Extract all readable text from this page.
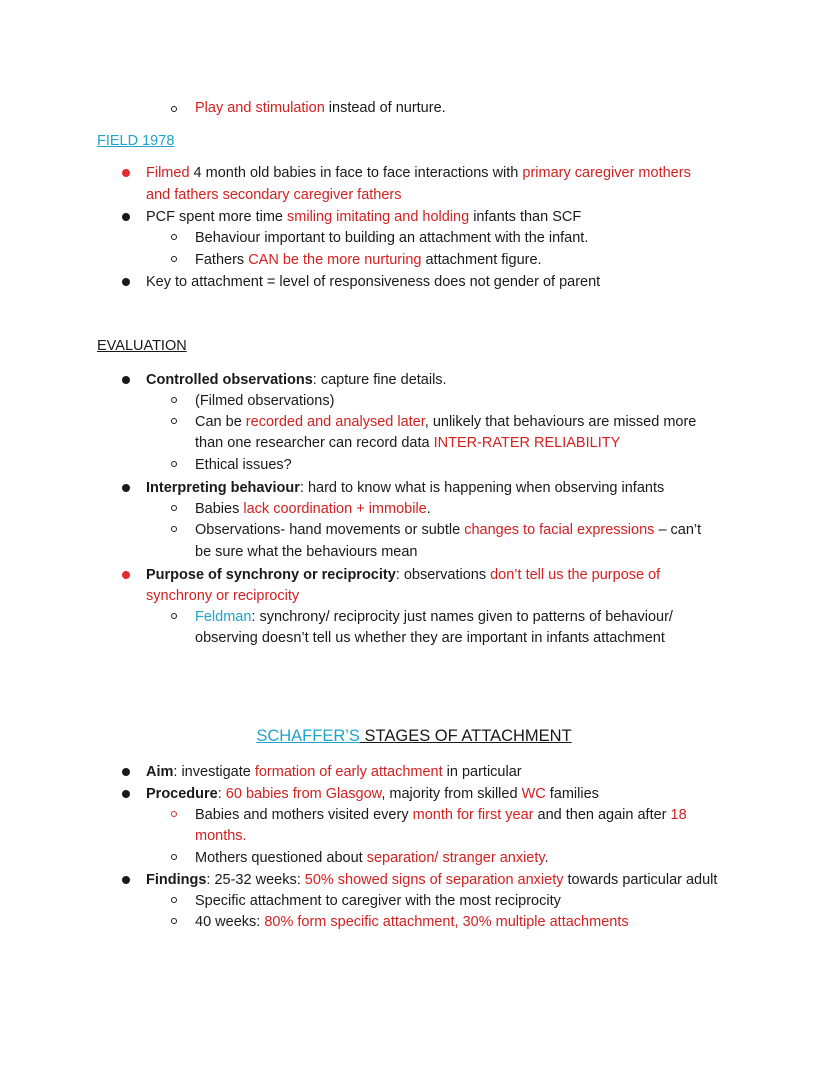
Play and stimulation instead of nurture.
FIELD 1978
Filmed 4 month old babies in face to face interactions with primary caregiver mothers
and fathers secondary caregiver fathers
PCF spent more time smiling imitating and holding infants than SCF
Behaviour important to building an attachment with the infant.
Fathers CAN be the more nurturing attachment figure.
Key to attachment = level of responsiveness does not gender of parent
EVALUATION
Controlled observations: capture fine details.
(Filmed observations)
Can be recorded and analysed later, unlikely that behaviours are missed more
than one researcher can record data INTER-RATER RELIABILITY
Ethical issues?
Interpreting behaviour: hard to know what is happening when observing infants
Babies lack coordination + immobile.
Observations- hand movements or subtle changes to facial expressions – can’t
be sure what the behaviours mean
Purpose of synchrony or reciprocity: observations don’t tell us the purpose of
synchrony or reciprocity
Feldman: synchrony/ reciprocity just names given to patterns of behaviour/
observing doesn’t tell us whether they are important in infants attachment
SCHAFFER’S STAGES OF ATTACHMENT
Aim: investigate formation of early attachment in particular
Procedure: 60 babies from Glasgow, majority from skilled WC families
Babies and mothers visited every month for first year and then again after 18
months.
Mothers questioned about separation/ stranger anxiety.
Findings: 25-32 weeks: 50% showed signs of separation anxiety towards particular adult
Specific attachment to caregiver with the most reciprocity
40 weeks: 80% form specific attachment, 30% multiple attachments
